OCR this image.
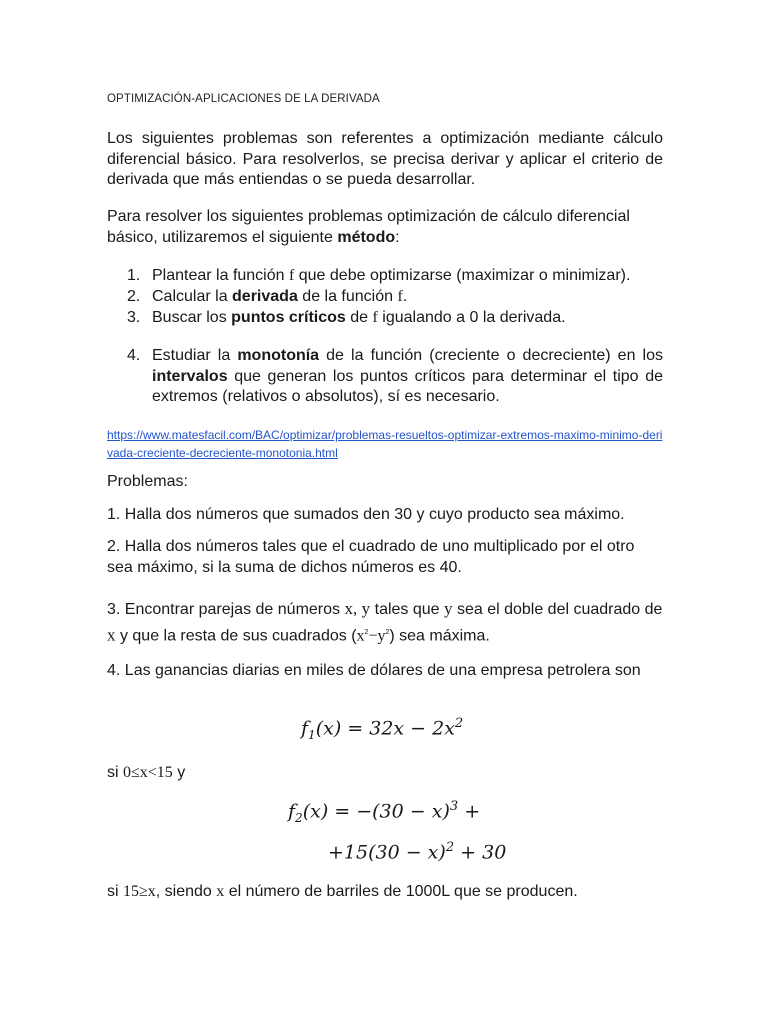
OPTIMIZACIÓN-APLICACIONES DE LA DERIVADA
Los siguientes problemas son referentes a optimización mediante cálculo diferencial básico. Para resolverlos, se precisa derivar y aplicar el criterio de derivada que más entiendas o se pueda desarrollar.
Para resolver los siguientes problemas optimización de cálculo diferencial básico, utilizaremos el siguiente método:
1. Plantear la función f que debe optimizarse (maximizar o minimizar).
2. Calcular la derivada de la función f.
3. Buscar los puntos críticos de f igualando a 0 la derivada.
4. Estudiar la monotonía de la función (creciente o decreciente) en los intervalos que generan los puntos críticos para determinar el tipo de extremos (relativos o absolutos), sí es necesario.
https://www.matesfacil.com/BAC/optimizar/problemas-resueltos-optimizar-extremos-maximo-minimo-derivada-creciente-decreciente-monotonia.html
Problemas:
1. Halla dos números que sumados den 30 y cuyo producto sea máximo.
2. Halla dos números tales que el cuadrado de uno multiplicado por el otro sea máximo, si la suma de dichos números es 40.
3. Encontrar parejas de números x, y tales que y sea el doble del cuadrado de x y que la resta de sus cuadrados $(x^2-y^2)$ sea máxima.
4. Las ganancias diarias en miles de dólares de una empresa petrolera son
$f_1(x) = 32x - 2x^2$
si 0≤x<15 y
$f_2(x) = -(30 - x)^3$ +
$+15(30 - x)^2 + 30$
si 15≥x, siendo x el número de barriles de 1000L que se producen.
